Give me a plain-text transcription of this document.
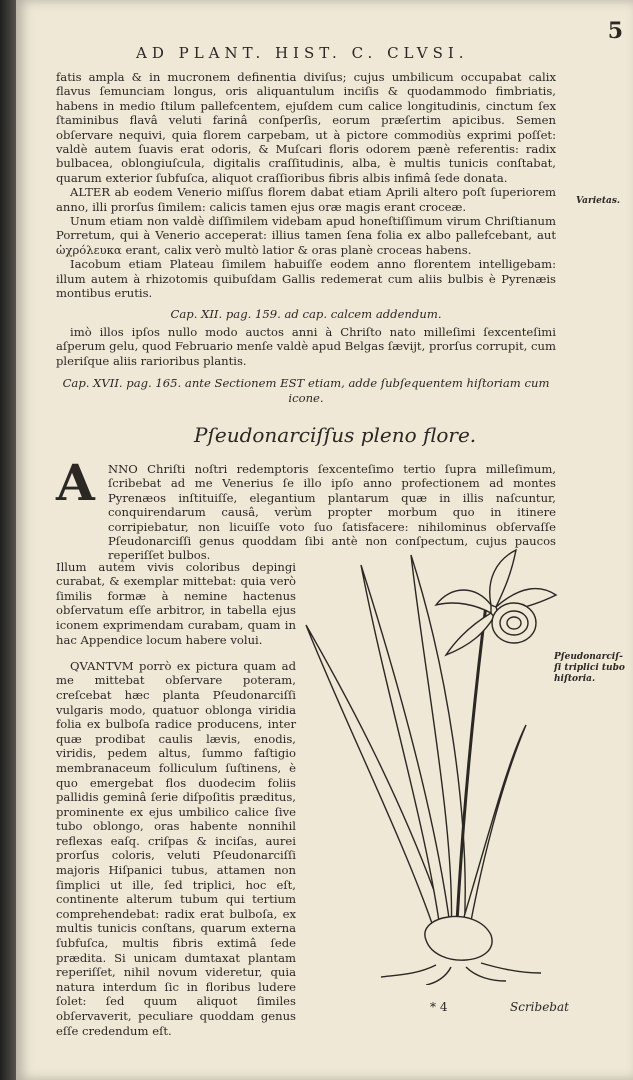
5
AD PLANT. HIST. C. CLVSI.

fatis ampla & in mucronem definentia diviſus; cujus umbilicum occupabat calix flavus ſemunciam longus, oris aliquantulum inciſis & quodammodo fimbriatis, habens in medio ſtilum pallefcentem, ejuſdem cum calice longitudinis, cinctum ſex ſtaminibus flavâ veluti farinâ conſperſis, eorum præſertim apicibus. Semen obſervare nequivi, quia florem carpebam, ut à pictore commodiùs exprimi poſſet: valdè autem ſuavis erat odoris, & Muſcari floris odorem pænè referentis: radix bulbacea, oblongiuſcula, digitalis craſſitudinis, alba, è multis tunicis conſtabat, quarum exterior ſubfuſca, aliquot craſſioribus fibris albis infimâ ſede donata.

ALTER ab eodem Venerio miſſus florem dabat etiam Aprili altero poſt ſuperiorem anno, illi prorſus ſimilem: calicis tamen ejus oræ magis erant croceæ.

Unum etiam non valdè diſſimilem videbam apud honeſtiſſimum virum Chriſtianum Porretum, qui à Venerio acceperat: illius tamen ſena folia ex albo pallefcebant, aut ὠχρόλευκα erant, calix verò multò latior & oras planè croceas habens.

Iacobum etiam Plateau ſimilem habuiſſe eodem anno florentem intelligebam: illum autem à rhizotomis quibuſdam Gallis redemerat cum aliis bulbis è Pyrenæis montibus erutis.

Cap. XII. pag. 159. ad cap. calcem addendum.

imò illos ipſos nullo modo auctos anni à Chriſto nato milleſimi ſexcenteſimi aſperum gelu, quod Februario menſe valdè apud Belgas ſævijt, prorſus corrupit, cum pleriſque aliis rarioribus plantis.

Cap. XVII. pag. 165. ante Sectionem EST etiam, adde ſubſequentem hiſtoriam cum icone.

Varietas.
Pſeudonarciſſus pleno flore.
A	NNO Chriſti noſtri redemptoris ſexcenteſimo tertio ſupra milleſimum, ſcribebat ad me Venerius ſe illo ipſo anno profectionem ad montes Pyrenæos inſtituiſſe, elegantium plantarum quæ in illis naſcuntur, conquirendarum causâ, verùm propter morbum quo in itinere corripiebatur, non licuiſſe voto ſuo ſatisfacere: nihilominus obſervaſſe Pſeudonarciſſi genus quoddam ſibi antè non conſpectum, cujus paucos reperiſſet bulbos.

Illum autem vivis coloribus depingi curabat, & exemplar mittebat: quia verò ſimilis formæ à nemine hactenus obſervatum eſſe arbitror, in tabella ejus iconem exprimendam curabam, quam in hac Appendice locum habere volui.

QVANTVM porrò ex pictura quam ad me mittebat obſervare poteram, creſcebat hæc planta Pſeudonarciſſi vulgaris modo, quatuor oblonga viridia folia ex bulboſa radice producens, inter quæ prodibat caulis lævis, enodis, viridis, pedem altus, ſummo faſtigio membranaceum folliculum ſuſtinens, è quo emergebat flos duodecim foliis pallidis geminâ ſerie diſpoſitis præditus, prominente ex ejus umbilico calice ſive tubo oblongo, oras habente nonnihil reflexas eaſq. criſpas & inciſas, aurei prorſus coloris, veluti Pſeudonarciſſi majoris Hiſpanici tubus, attamen non ſimplici ut ille, ſed triplici, hoc eſt, continente alterum tubum qui tertium comprehendebat: radix erat bulboſa, ex multis tunicis conſtans, quarum externa ſubfuſca, multis fibris extimâ ſede prædita. Si unicam dumtaxat plantam reperiſſet, nihil novum videretur, quia natura interdum ſic in floribus ludere ſolet: ſed quum aliquot ſimiles obſervaverit, peculiare quoddam genus eſſe credendum eſt.

Pſeudonarciſ-ſi triplici tubo hiſtoria.
* 4	Scribebat
